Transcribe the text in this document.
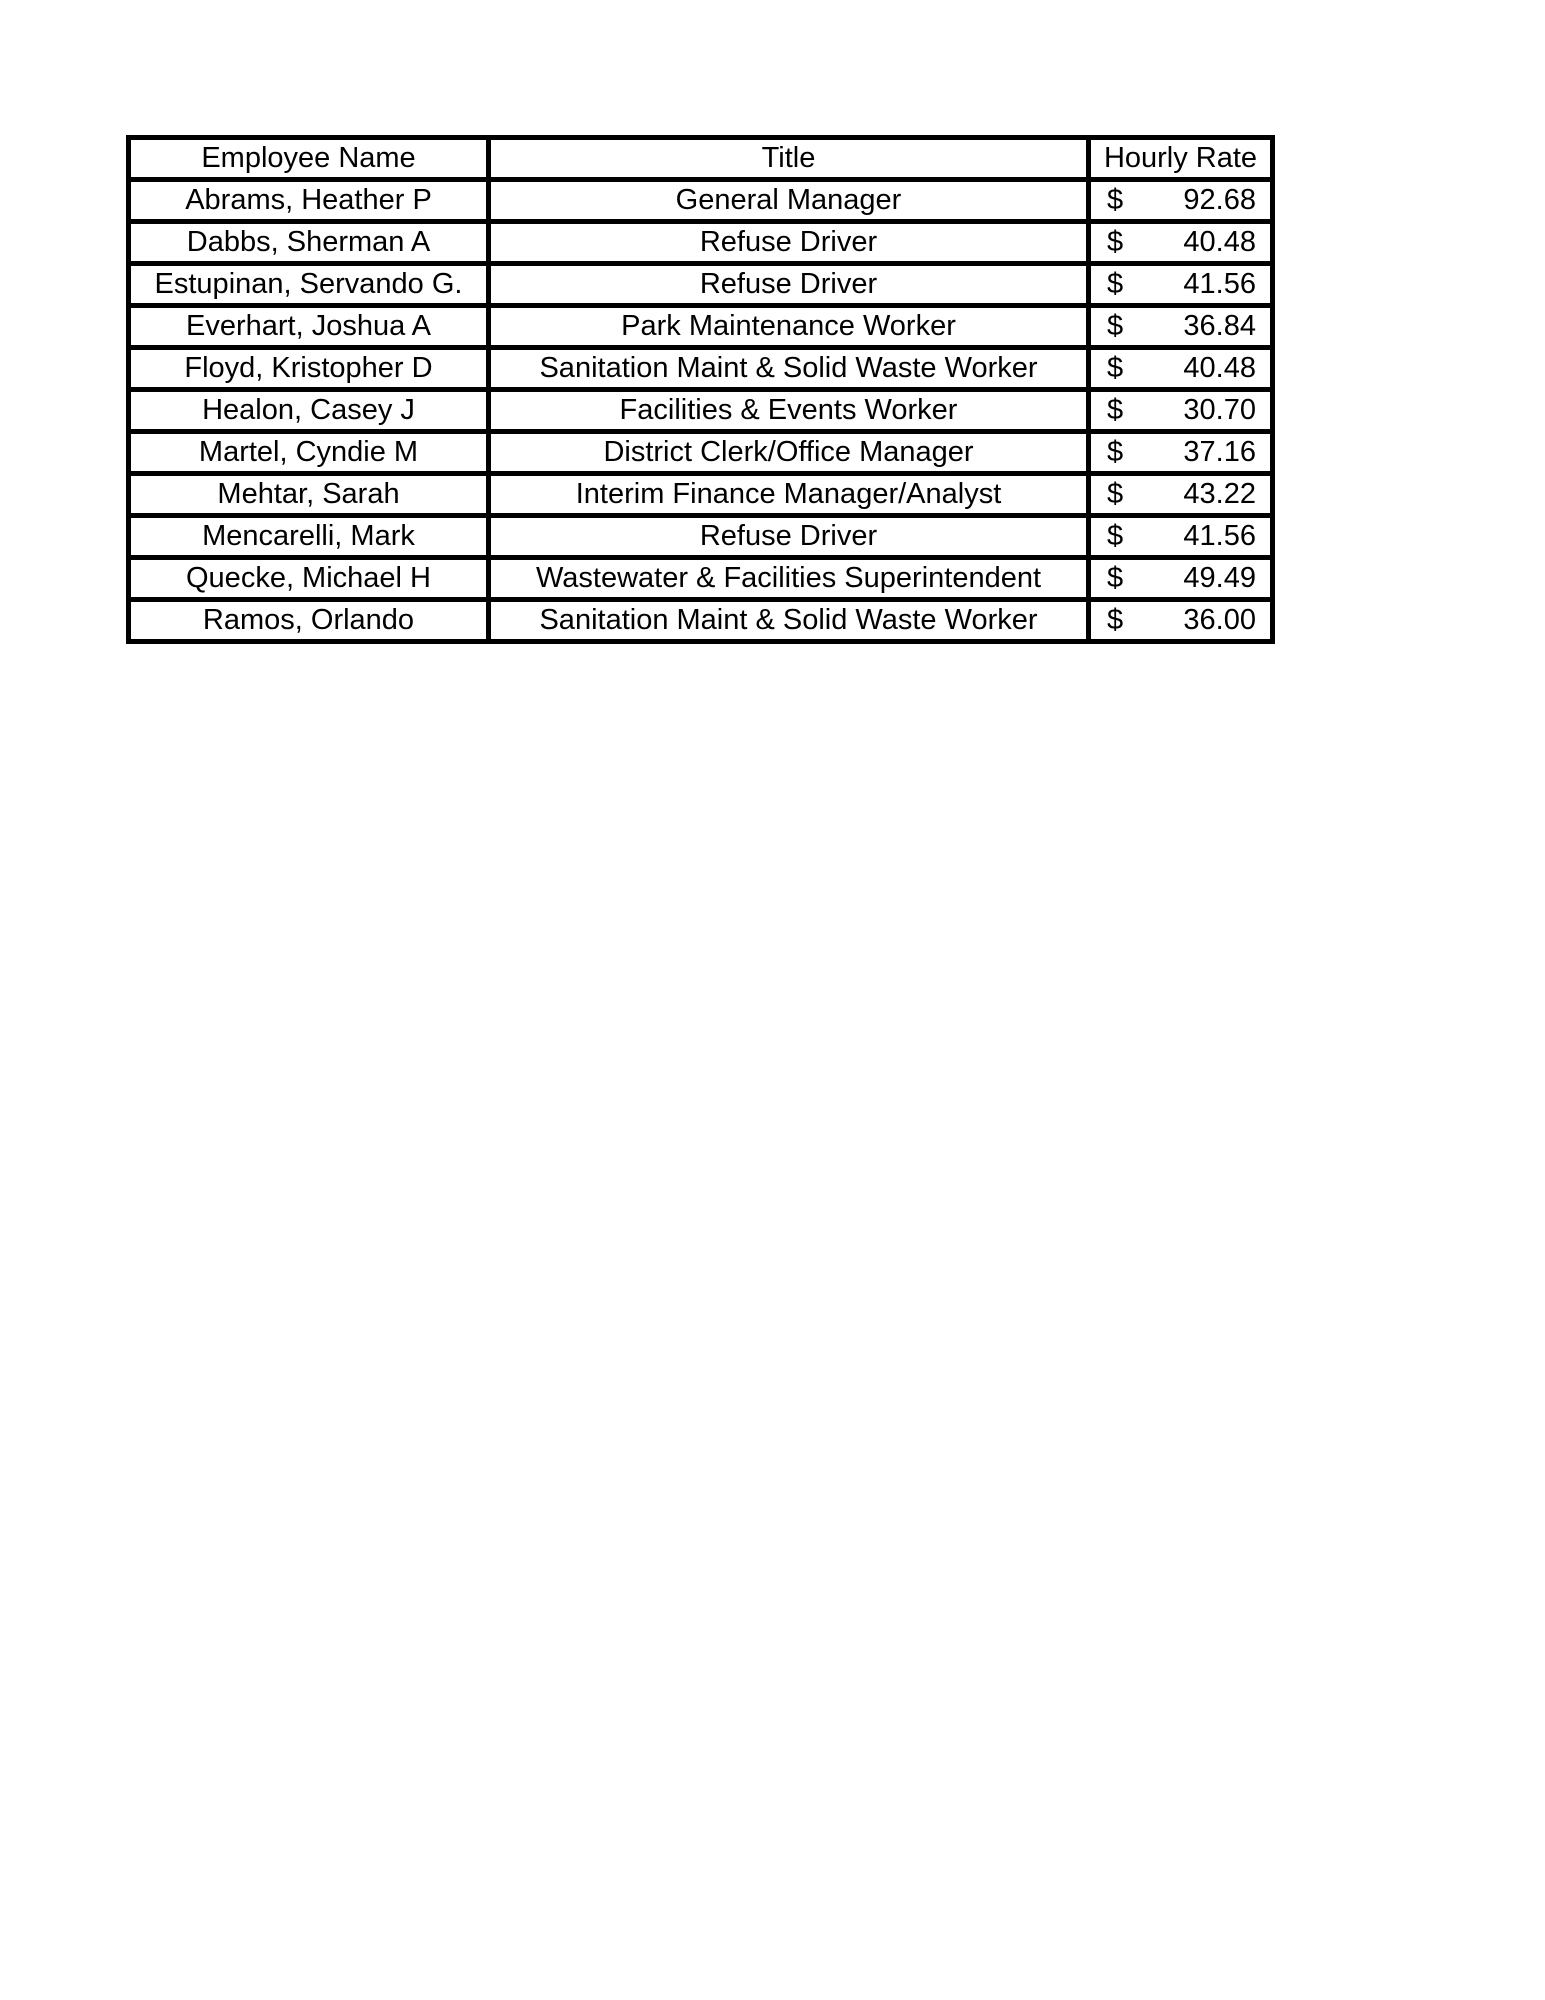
Employee Name	Title	Hourly Rate
Abrams, Heather P	General Manager	$ 92.68

Dabbs, Sherman A	Refuse Driver	$ 40.48

Estupinan, Servando G.	Refuse Driver	$ 41.56

Everhart, Joshua A	Park Maintenance Worker	$ 36.84

Floyd, Kristopher D	Sanitation Maint & Solid Waste Worker	$ 40.48

Healon, Casey J	Facilities & Events Worker	$ 30.70

Martel, Cyndie M	District Clerk/Office Manager	$ 37.16

Mehtar, Sarah	Interim Finance Manager/Analyst	$ 43.22

Mencarelli, Mark	Refuse Driver	$ 41.56

Quecke, Michael H	Wastewater & Facilities Superintendent	$ 49.49

Ramos, Orlando	Sanitation Maint & Solid Waste Worker	$ 36.00
